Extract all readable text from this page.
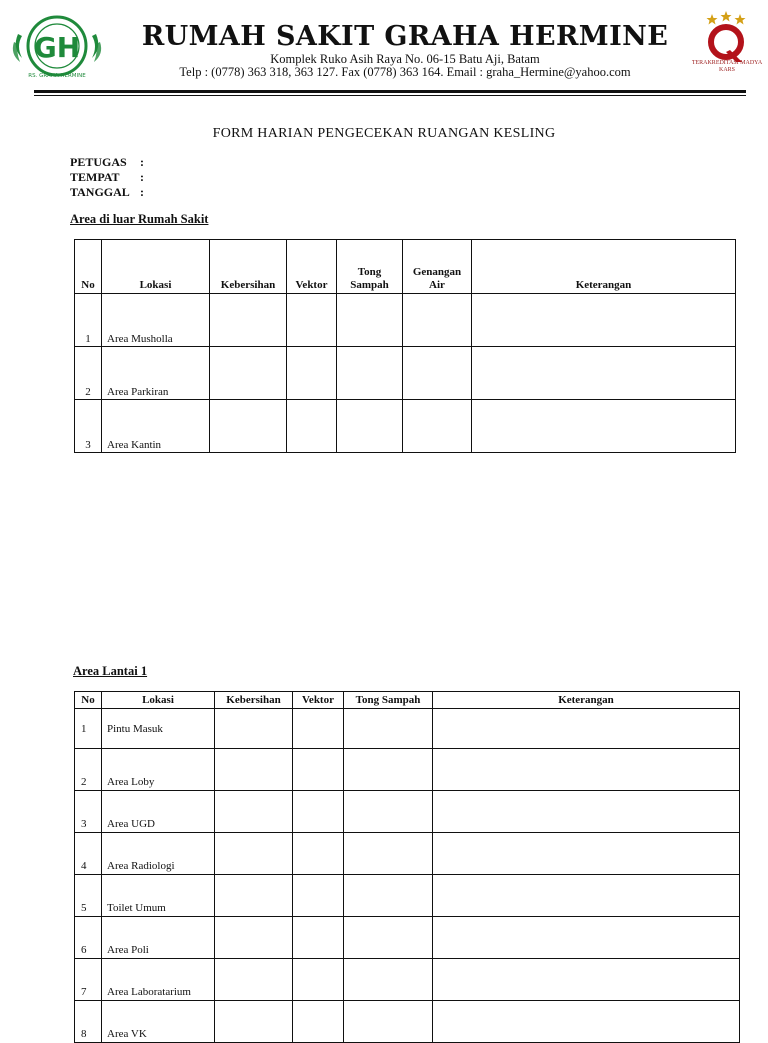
GH
RS. GRAHA HERMINE
RUMAH SAKIT GRAHA HERMINE
Komplek Ruko Asih Raya No. 06-15 Batu Aji, Batam
Telp : (0778) 363 318, 363 127. Fax (0778) 363 164. Email : graha_Hermine@yahoo.com
TERAKREDITASI MADYA
KARS
FORM HARIAN PENGECEKAN RUANGAN KESLING
PETUGAS :
TEMPAT :
TANGGAL :
Area di luar Rumah Sakit
No	Lokasi	Kebersihan	Vektor	Tong Sampah	Genangan Air	Keterangan
1	Area Musholla					
2	Area Parkiran					
3	Area Kantin					
Area Lantai 1
No	Lokasi	Kebersihan	Vektor	Tong Sampah	Keterangan
1	Pintu Masuk				
2	Area Loby				
3	Area UGD				
4	Area Radiologi				
5	Toilet Umum				
6	Area Poli				
7	Area Laboratarium				
8	Area VK				
